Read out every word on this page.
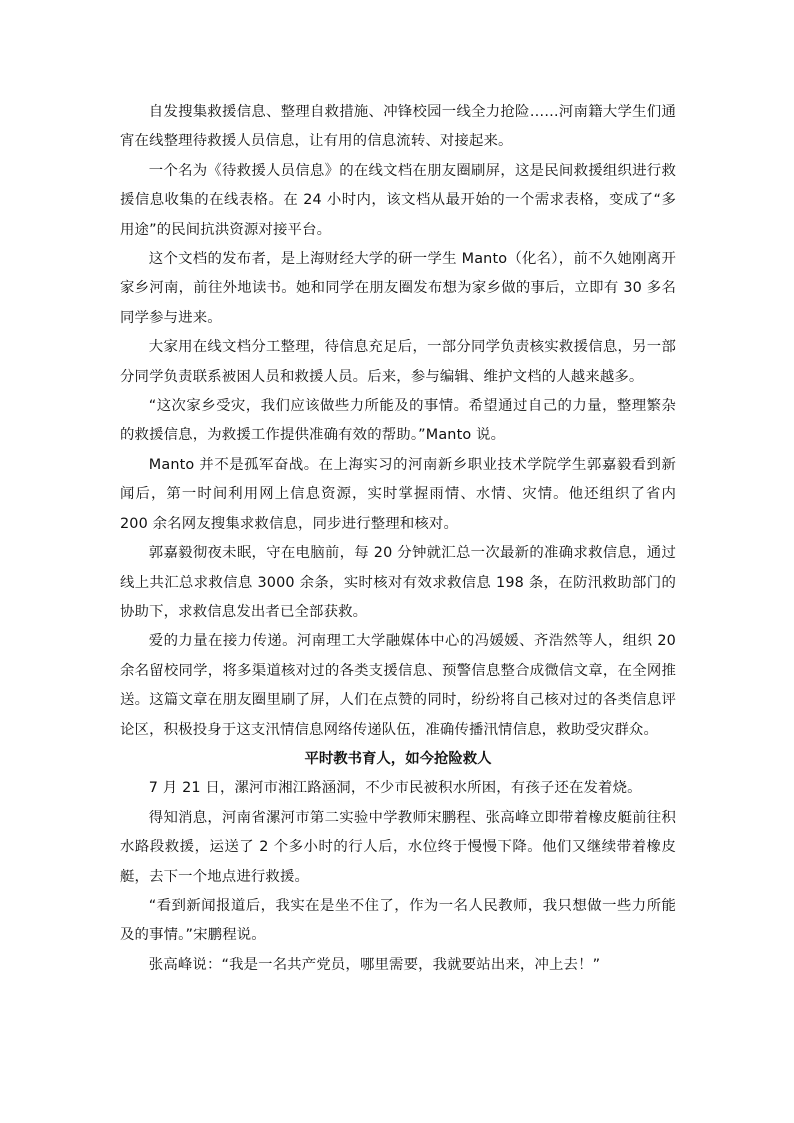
自发搜集救援信息、整理自救措施、冲锋校园一线全力抢险……河南籍大学生们通宵在线整理待救援人员信息，让有用的信息流转、对接起来。

一个名为《待救援人员信息》的在线文档在朋友圈刷屏，这是民间救援组织进行救援信息收集的在线表格。在 24 小时内，该文档从最开始的一个需求表格，变成了“多用途”的民间抗洪资源对接平台。

这个文档的发布者，是上海财经大学的研一学生 Manto（化名），前不久她刚离开家乡河南，前往外地读书。她和同学在朋友圈发布想为家乡做的事后，立即有 30 多名同学参与进来。

大家用在线文档分工整理，待信息充足后，一部分同学负责核实救援信息，另一部分同学负责联系被困人员和救援人员。后来，参与编辑、维护文档的人越来越多。

“这次家乡受灾，我们应该做些力所能及的事情。希望通过自己的力量，整理繁杂的救援信息，为救援工作提供准确有效的帮助。”Manto 说。

Manto 并不是孤军奋战。在上海实习的河南新乡职业技术学院学生郭嘉毅看到新闻后，第一时间利用网上信息资源，实时掌握雨情、水情、灾情。他还组织了省内 200 余名网友搜集求救信息，同步进行整理和核对。

郭嘉毅彻夜未眠，守在电脑前，每 20 分钟就汇总一次最新的准确求救信息，通过线上共汇总求救信息 3000 余条，实时核对有效求救信息 198 条，在防汛救助部门的协助下，求救信息发出者已全部获救。

爱的力量在接力传递。河南理工大学融媒体中心的冯媛媛、齐浩然等人，组织 20 余名留校同学，将多渠道核对过的各类支援信息、预警信息整合成微信文章，在全网推送。这篇文章在朋友圈里刷了屏，人们在点赞的同时，纷纷将自己核对过的各类信息评论区，积极投身于这支汛情信息网络传递队伍，准确传播汛情信息，救助受灾群众。

平时教书育人，如今抢险救人

7 月 21 日，漯河市湘江路涵洞，不少市民被积水所困，有孩子还在发着烧。

得知消息，河南省漯河市第二实验中学教师宋鹏程、张高峰立即带着橡皮艇前往积水路段救援，运送了 2 个多小时的行人后，水位终于慢慢下降。他们又继续带着橡皮艇，去下一个地点进行救援。

“看到新闻报道后，我实在是坐不住了，作为一名人民教师，我只想做一些力所能及的事情。”宋鹏程说。

张高峰说：“我是一名共产党员，哪里需要，我就要站出来，冲上去！”
